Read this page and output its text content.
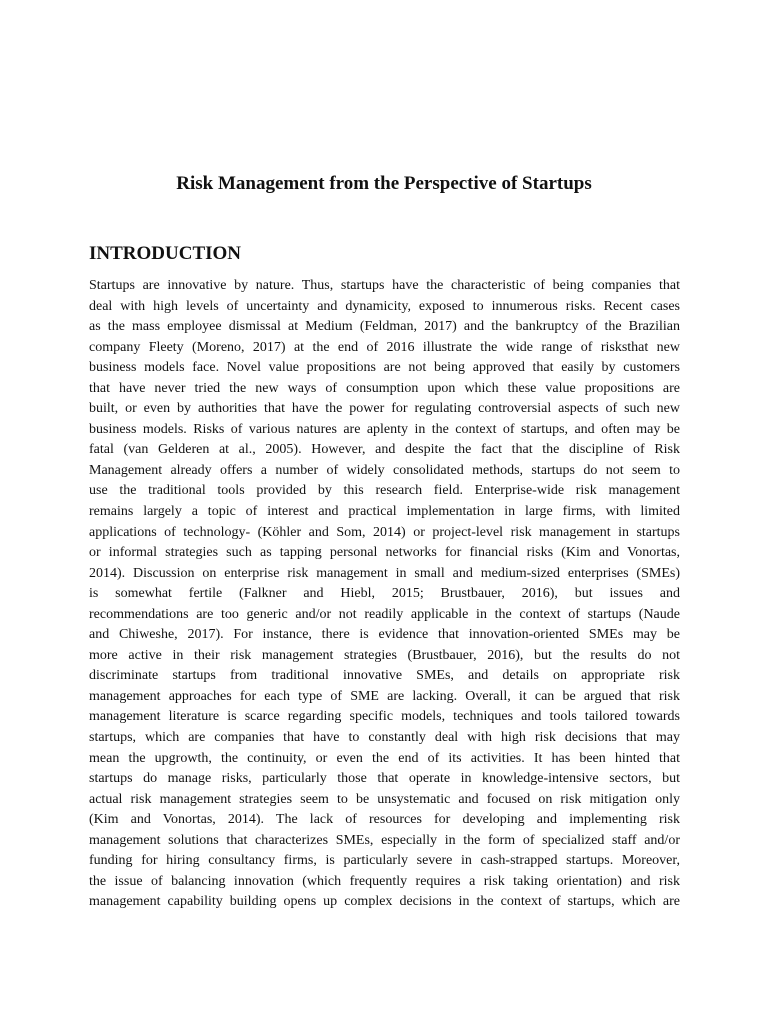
Risk Management from the Perspective of Startups
INTRODUCTION
Startups are innovative by nature. Thus, startups have the characteristic of being companies that
deal with high levels of uncertainty and dynamicity, exposed to innumerous risks. Recent cases
as the mass employee dismissal at Medium (Feldman, 2017) and the bankruptcy of the Brazilian
company Fleety (Moreno, 2017) at the end of 2016 illustrate the wide range of risksthat new
business models face. Novel value propositions are not being approved that easily by customers
that have never tried the new ways of consumption upon which these value propositions are
built, or even by authorities that have the power for regulating controversial aspects of such new
business models. Risks of various natures are aplenty in the context of startups, and often may be
fatal (van Gelderen at al., 2005). However, and despite the fact that the discipline of Risk
Management already offers a number of widely consolidated methods, startups do not seem to
use the traditional tools provided by this research field. Enterprise-wide risk management
remains largely a topic of interest and practical implementation in large firms, with limited
applications of technology- (Köhler and Som, 2014) or project-level risk management in startups
or informal strategies such as tapping personal networks for financial risks (Kim and Vonortas,
2014). Discussion on enterprise risk management in small and medium-sized enterprises (SMEs)
is somewhat fertile (Falkner and Hiebl, 2015; Brustbauer, 2016), but issues and
recommendations are too generic and/or not readily applicable in the context of startups (Naude
and Chiweshe, 2017). For instance, there is evidence that innovation-oriented SMEs may be
more active in their risk management strategies (Brustbauer, 2016), but the results do not
discriminate startups from traditional innovative SMEs, and details on appropriate risk
management approaches for each type of SME are lacking. Overall, it can be argued that risk
management literature is scarce regarding specific models, techniques and tools tailored towards
startups, which are companies that have to constantly deal with high risk decisions that may
mean the upgrowth, the continuity, or even the end of its activities. It has been hinted that
startups do manage risks, particularly those that operate in knowledge-intensive sectors, but
actual risk management strategies seem to be unsystematic and focused on risk mitigation only
(Kim and Vonortas, 2014). The lack of resources for developing and implementing risk
management solutions that characterizes SMEs, especially in the form of specialized staff and/or
funding for hiring consultancy firms, is particularly severe in cash-strapped startups. Moreover,
the issue of balancing innovation (which frequently requires a risk taking orientation) and risk
management capability building opens up complex decisions in the context of startups, which are
